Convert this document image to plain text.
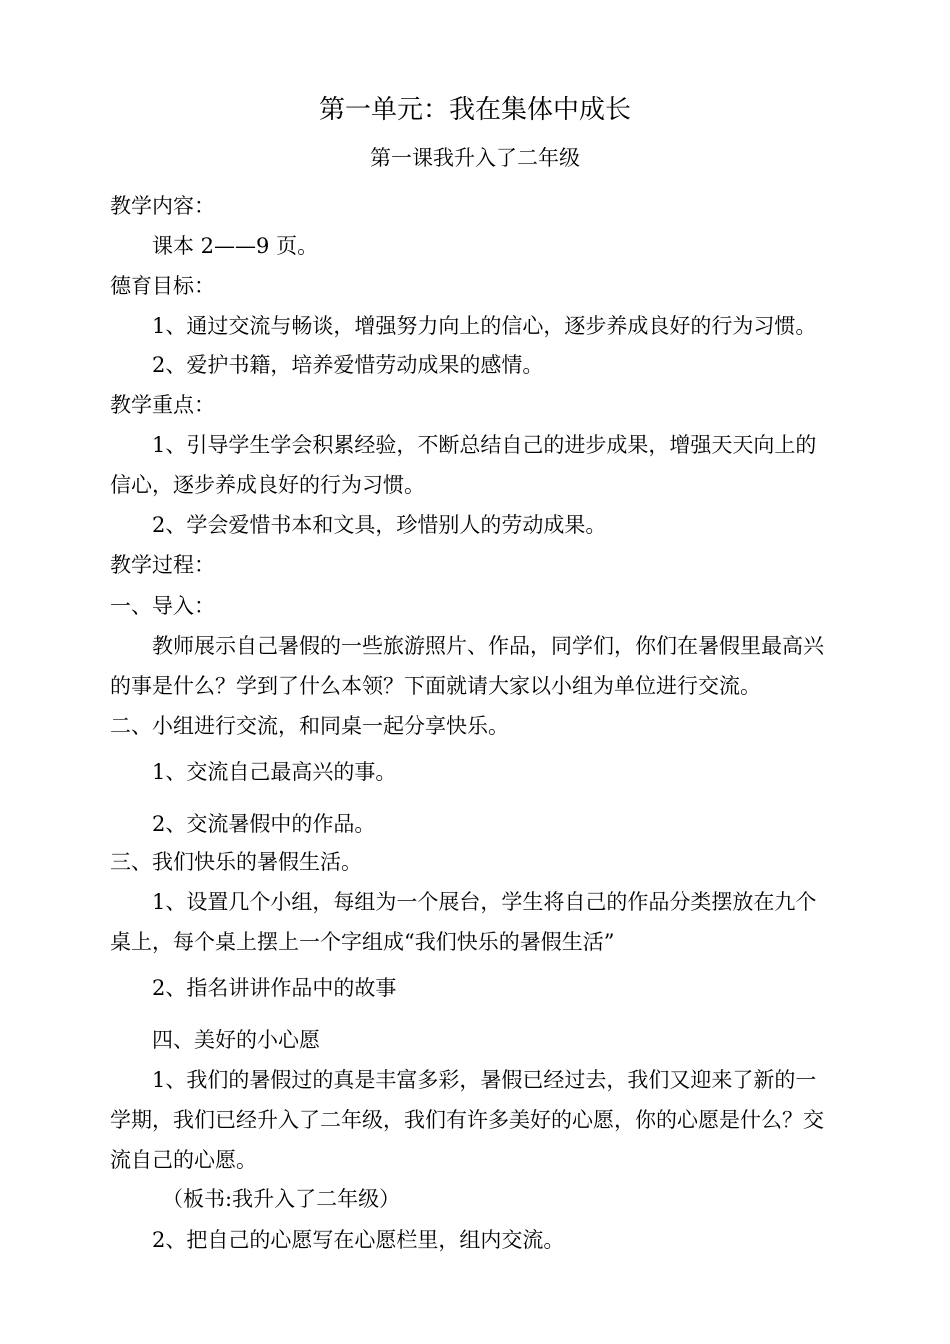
第一单元：我在集体中成长
第一课我升入了二年级
教学内容：
课本 2——9 页。
德育目标：
1、通过交流与畅谈，增强努力向上的信心，逐步养成良好的行为习惯。
2、爱护书籍，培养爱惜劳动成果的感情。
教学重点：
1、引导学生学会积累经验，不断总结自己的进步成果，增强天天向上的
信心，逐步养成良好的行为习惯。
2、学会爱惜书本和文具，珍惜别人的劳动成果。
教学过程：
一、导入：
教师展示自己暑假的一些旅游照片、作品，同学们，你们在暑假里最高兴
的事是什么？学到了什么本领？下面就请大家以小组为单位进行交流。
二、小组进行交流，和同桌一起分享快乐。
1、交流自己最高兴的事。
2、交流暑假中的作品。
三、我们快乐的暑假生活。
1、设置几个小组，每组为一个展台，学生将自己的作品分类摆放在九个
桌上，每个桌上摆上一个字组成“我们快乐的暑假生活”
2、指名讲讲作品中的故事
四、美好的小心愿
1、我们的暑假过的真是丰富多彩，暑假已经过去，我们又迎来了新的一
学期，我们已经升入了二年级，我们有许多美好的心愿，你的心愿是什么？交
流自己的心愿。
（板书:我升入了二年级）
2、把自己的心愿写在心愿栏里，组内交流。
